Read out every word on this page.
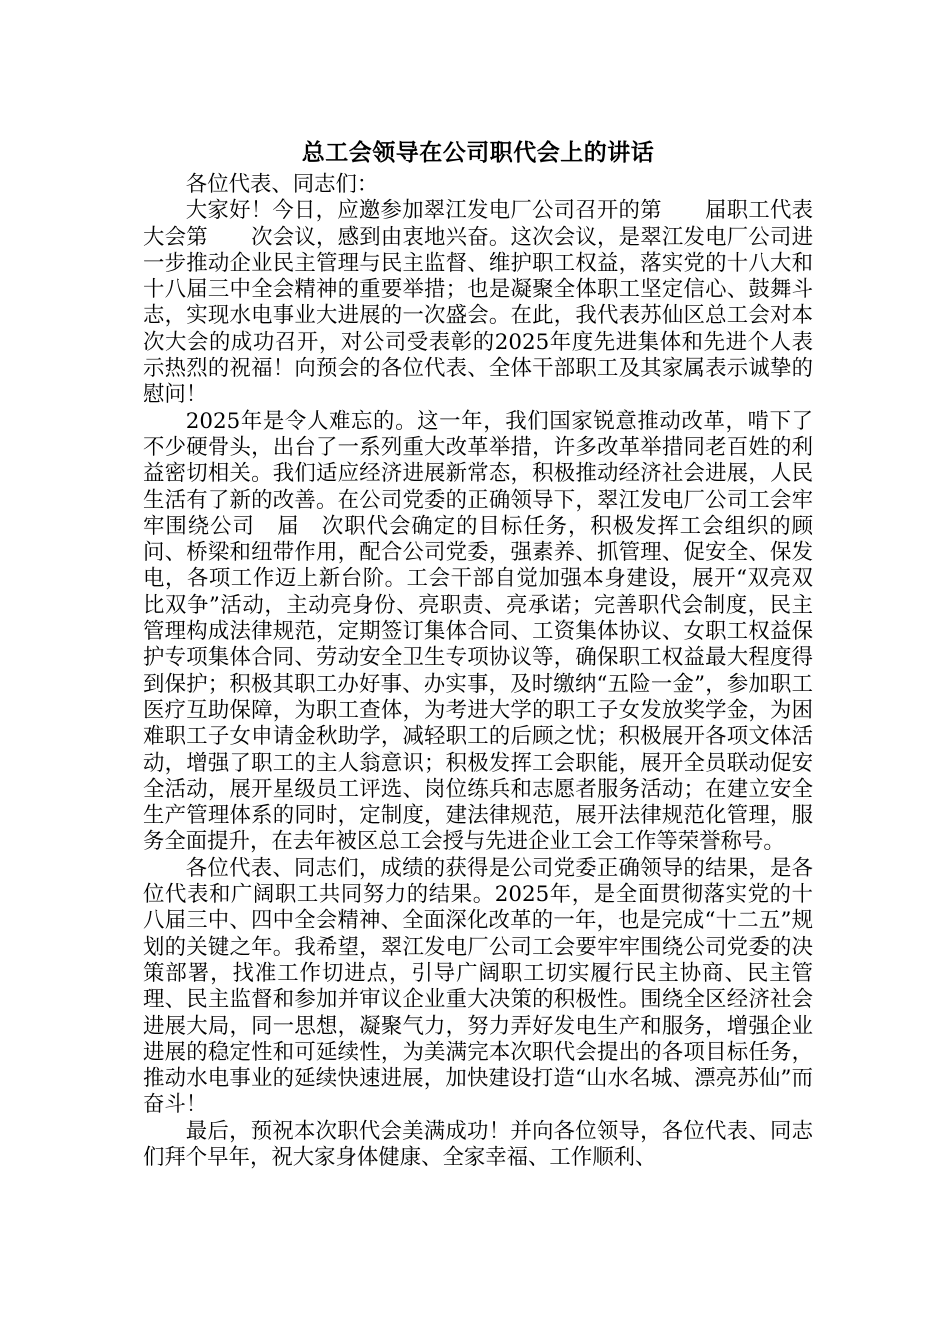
总工会领导在公司职代会上的讲话

各位代表、同志们：

大家好！今日，应邀参加翠江发电厂公司召开的第　　届职工代表大会第　　次会议，感到由衷地兴奋。这次会议，是翠江发电厂公司进一步推动企业民主管理与民主监督、维护职工权益，落实党的十八大和十八届三中全会精神的重要举措；也是凝聚全体职工坚定信心、鼓舞斗志，实现水电事业大进展的一次盛会。在此，我代表苏仙区总工会对本次大会的成功召开，对公司受表彰的2025年度先进集体和先进个人表示热烈的祝福！向预会的各位代表、全体干部职工及其家属表示诚挚的慰问！

2025年是令人难忘的。这一年，我们国家锐意推动改革，啃下了不少硬骨头，出台了一系列重大改革举措，许多改革举措同老百姓的利益密切相关。我们适应经济进展新常态，积极推动经济社会进展，人民生活有了新的改善。在公司党委的正确领导下，翠江发电厂公司工会牢牢围绕公司　届　次职代会确定的目标任务，积极发挥工会组织的顾问、桥梁和纽带作用，配合公司党委，强素养、抓管理、促安全、保发电，各项工作迈上新台阶。工会干部自觉加强本身建设，展开“双亮双比双争”活动，主动亮身份、亮职责、亮承诺；完善职代会制度，民主管理构成法律规范，定期签订集体合同、工资集体协议、女职工权益保护专项集体合同、劳动安全卫生专项协议等，确保职工权益最大程度得到保护；积极其职工办好事、办实事，及时缴纳“五险一金”，参加职工医疗互助保障，为职工查体，为考进大学的职工子女发放奖学金，为困难职工子女申请金秋助学，减轻职工的后顾之忧；积极展开各项文体活动，增强了职工的主人翁意识；积极发挥工会职能，展开全员联动促安全活动，展开星级员工评选、岗位练兵和志愿者服务活动；在建立安全生产管理体系的同时，定制度，建法律规范，展开法律规范化管理，服务全面提升，在去年被区总工会授与先进企业工会工作等荣誉称号。

各位代表、同志们，成绩的获得是公司党委正确领导的结果，是各位代表和广阔职工共同努力的结果。2025年，是全面贯彻落实党的十八届三中、四中全会精神、全面深化改革的一年，也是完成“十二五”规划的关键之年。我希望，翠江发电厂公司工会要牢牢围绕公司党委的决策部署，找准工作切进点，引导广阔职工切实履行民主协商、民主管理、民主监督和参加并审议企业重大决策的积极性。围绕全区经济社会进展大局，同一思想，凝聚气力，努力弄好发电生产和服务，增强企业进展的稳定性和可延续性，为美满完本次职代会提出的各项目标任务，推动水电事业的延续快速进展，加快建设打造“山水名城、漂亮苏仙”而奋斗！

最后，预祝本次职代会美满成功！并向各位领导，各位代表、同志们拜个早年，祝大家身体健康、全家幸福、工作顺利、
